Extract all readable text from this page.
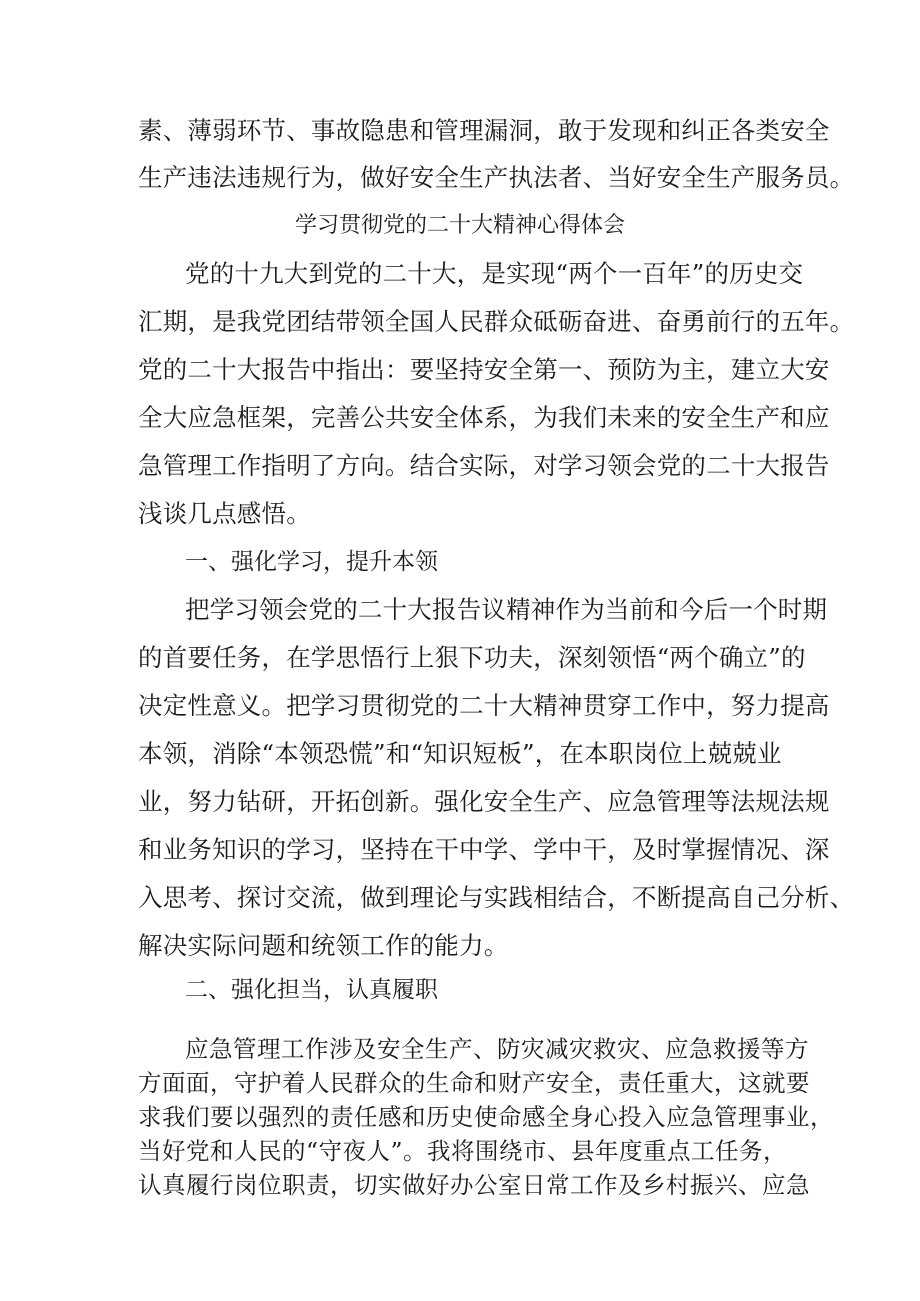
素、薄弱环节、事故隐患和管理漏洞，敢于发现和纠正各类安全
生产违法违规行为，做好安全生产执法者、当好安全生产服务员。
学习贯彻党的二十大精神心得体会
党的十九大到党的二十大，是实现“两个一百年”的历史交
汇期，是我党团结带领全国人民群众砥砺奋进、奋勇前行的五年。
党的二十大报告中指出：要坚持安全第一、预防为主，建立大安
全大应急框架，完善公共安全体系，为我们未来的安全生产和应
急管理工作指明了方向。结合实际，对学习领会党的二十大报告
浅谈几点感悟。
一、强化学习，提升本领
把学习领会党的二十大报告议精神作为当前和今后一个时期
的首要任务，在学思悟行上狠下功夫，深刻领悟“两个确立”的
决定性意义。把学习贯彻党的二十大精神贯穿工作中，努力提高
本领，消除“本领恐慌”和“知识短板”，在本职岗位上兢兢业
业，努力钻研，开拓创新。强化安全生产、应急管理等法规法规
和业务知识的学习，坚持在干中学、学中干，及时掌握情况、深
入思考、探讨交流，做到理论与实践相结合，不断提高自己分析、
解决实际问题和统领工作的能力。
二、强化担当，认真履职
应急管理工作涉及安全生产、防灾减灾救灾、应急救援等方
方面面，守护着人民群众的生命和财产安全，责任重大，这就要
求我们要以强烈的责任感和历史使命感全身心投入应急管理事业，
当好党和人民的“守夜人”。我将围绕市、县年度重点工任务，
认真履行岗位职责，切实做好办公室日常工作及乡村振兴、应急
